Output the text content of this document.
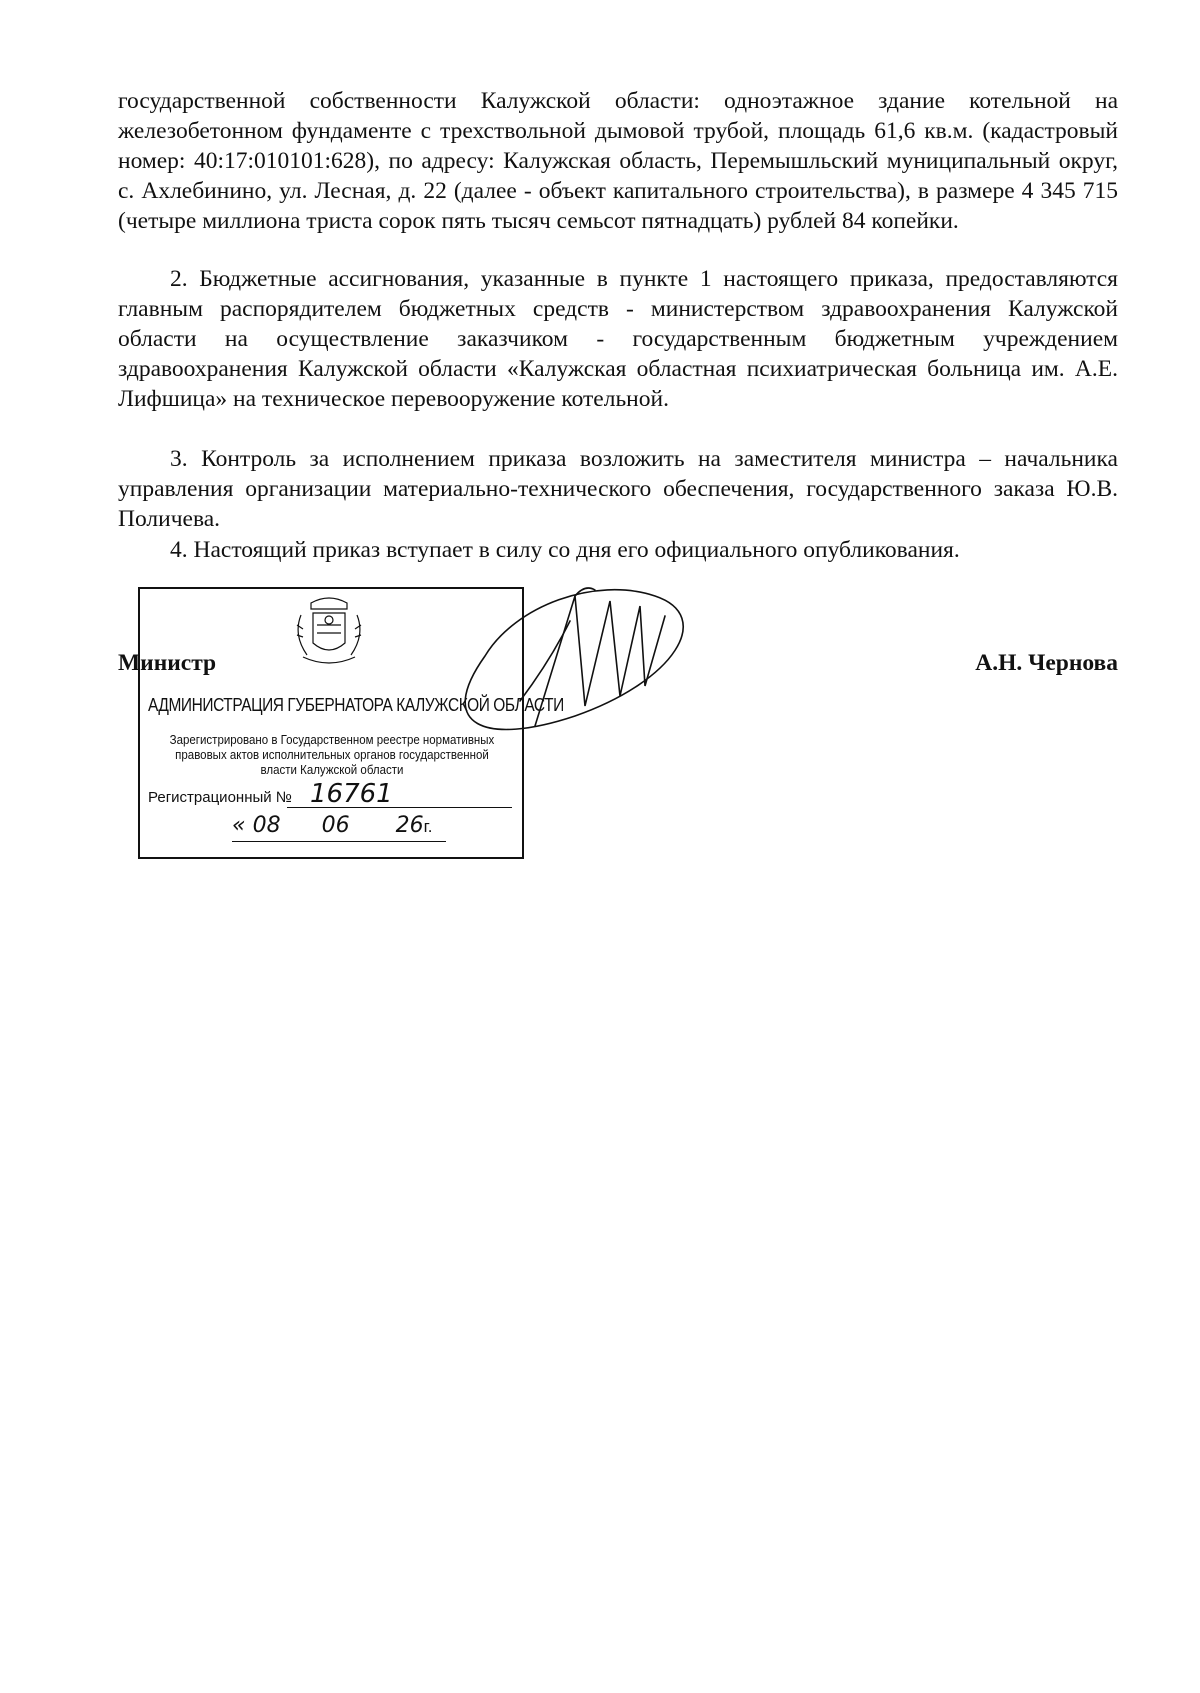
государственной собственности Калужской области: одноэтажное здание котельной на железобетонном фундаменте с трехствольной дымовой трубой, площадь 61,6 кв.м. (кадастровый номер: 40:17:010101:628), по адресу: Калужская область, Перемышльский муниципальный округ, с. Ахлебинино, ул. Лесная, д. 22 (далее - объект капитального строительства), в размере 4 345 715 (четыре миллиона триста сорок пять тысяч семьсот пятнадцать) рублей 84 копейки.

2. Бюджетные ассигнования, указанные в пункте 1 настоящего приказа, предоставляются главным распорядителем бюджетных средств - министерством здравоохранения Калужской области на осуществление заказчиком - государственным бюджетным учреждением здравоохранения Калужской области «Калужская областная психиатрическая больница им. А.Е. Лифшица» на техническое перевооружение котельной.

3. Контроль за исполнением приказа возложить на заместителя министра – начальника управления организации материально-технического обеспечения, государственного заказа Ю.В. Поличева.

4. Настоящий приказ вступает в силу со дня его официального опубликования.

АДМИНИСТРАЦИЯ ГУБЕРНАТОРА КАЛУЖСКОЙ ОБЛАСТИ
Зарегистрировано в Государственном реестре нормативных правовых актов исполнительных органов государственной власти Калужской области
Регистрационный № 16761
« 08 06 26г.
Министр	А.Н. Чернова
